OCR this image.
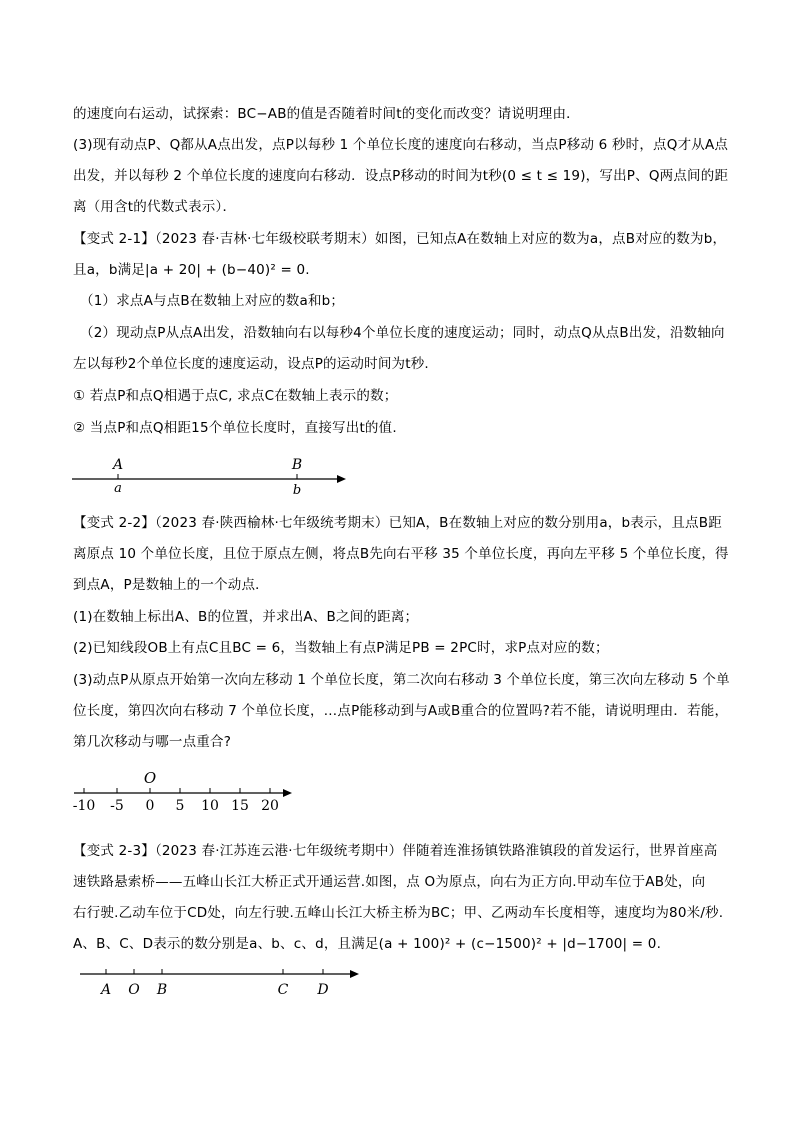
的速度向右运动，试探索：BC−AB的值是否随着时间t的变化而改变？请说明理由．
(3)现有动点P、Q都从A点出发，点P以每秒 1 个单位长度的速度向右移动，当点P移动 6 秒时，点Q才从A点
出发，并以每秒 2 个单位长度的速度向右移动．设点P移动的时间为t秒(0 ≤ t ≤ 19)，写出P、Q两点间的距
离（用含t的代数式表示）．
【变式 2-1】（2023 春·吉林·七年级校联考期末）如图，已知点A在数轴上对应的数为a，点B对应的数为b，
且a，b满足|a + 20| + (b−40)² = 0.
（1）求点A与点B在数轴上对应的数a和b；
（2）现动点P从点A出发，沿数轴向右以每秒4个单位长度的速度运动；同时，动点Q从点B出发，沿数轴向
左以每秒2个单位长度的速度运动，设点P的运动时间为t秒.
① 若点P和点Q相遇于点C, 求点C在数轴上表示的数；
② 当点P和点Q相距15个单位长度时，直接写出t的值.
【变式 2-2】（2023 春·陕西榆林·七年级统考期末）已知A，B在数轴上对应的数分别用a，b表示，且点B距
离原点 10 个单位长度，且位于原点左侧，将点B先向右平移 35 个单位长度，再向左平移 5 个单位长度，得
到点A，P是数轴上的一个动点．
(1)在数轴上标出A、B的位置，并求出A、B之间的距离；
(2)已知线段OB上有点C且BC = 6，当数轴上有点P满足PB = 2PC时，求P点对应的数；
(3)动点P从原点开始第一次向左移动 1 个单位长度，第二次向右移动 3 个单位长度，第三次向左移动 5 个单
位长度，第四次向右移动 7 个单位长度，…点P能移动到与A或B重合的位置吗?若不能，请说明理由．若能，
第几次移动与哪一点重合?
【变式 2-3】（2023 春·江苏连云港·七年级统考期中）伴随着连淮扬镇铁路淮镇段的首发运行，世界首座高
速铁路悬索桥——五峰山长江大桥正式开通运营.如图，点 O为原点，向右为正方向.甲动车位于AB处，向
右行驶.乙动车位于CD处，向左行驶.五峰山长江大桥主桥为BC；甲、乙两动车长度相等，速度均为80米/秒.
A、B、C、D表示的数分别是a、b、c、d，且满足(a + 100)² + (c−1500)² + |d−1700| = 0.
A	B
a	b
-10 -5 0 5 10 15 20
O
A O B	C D
